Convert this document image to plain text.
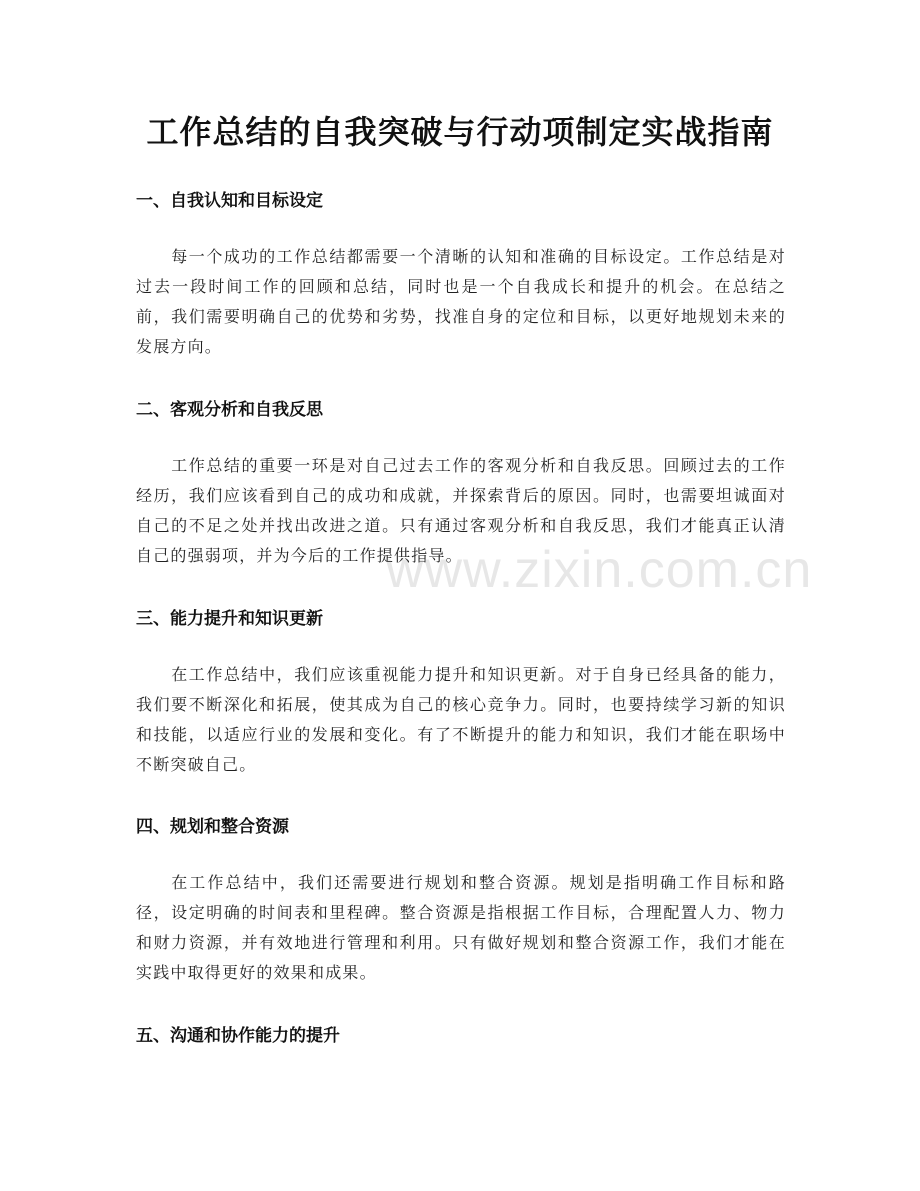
工作总结的自我突破与行动项制定实战指南
一、自我认知和目标设定

每一个成功的工作总结都需要一个清晰的认知和准确的目标设定。工作总结是对过去一段时间工作的回顾和总结，同时也是一个自我成长和提升的机会。在总结之前，我们需要明确自己的优势和劣势，找准自身的定位和目标，以更好地规划未来的发展方向。

二、客观分析和自我反思

工作总结的重要一环是对自己过去工作的客观分析和自我反思。回顾过去的工作经历，我们应该看到自己的成功和成就，并探索背后的原因。同时，也需要坦诚面对自己的不足之处并找出改进之道。只有通过客观分析和自我反思，我们才能真正认清自己的强弱项，并为今后的工作提供指导。

三、能力提升和知识更新

在工作总结中，我们应该重视能力提升和知识更新。对于自身已经具备的能力，我们要不断深化和拓展，使其成为自己的核心竞争力。同时，也要持续学习新的知识和技能，以适应行业的发展和变化。有了不断提升的能力和知识，我们才能在职场中不断突破自己。

四、规划和整合资源

在工作总结中，我们还需要进行规划和整合资源。规划是指明确工作目标和路径，设定明确的时间表和里程碑。整合资源是指根据工作目标，合理配置人力、物力和财力资源，并有效地进行管理和利用。只有做好规划和整合资源工作，我们才能在实践中取得更好的效果和成果。

五、沟通和协作能力的提升
www.zixin.com.cn
